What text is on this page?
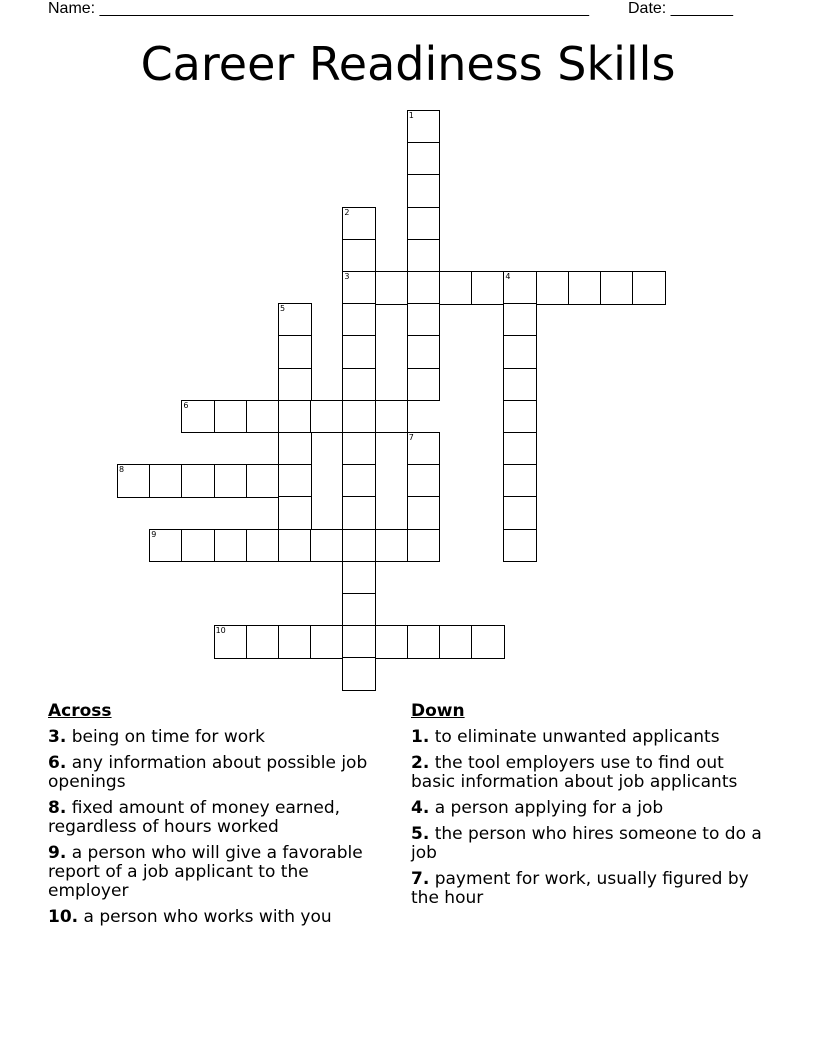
Name: _______________________________________________________ Date: _______
Career Readiness Skills
1
2
3	4
5
6
7
8
9
10
Across
3. being on time for work
6. any information about possible job openings
8. fixed amount of money earned, regardless of hours worked
9. a person who will give a favorable report of a job applicant to the employer
10. a person who works with you
Down
1. to eliminate unwanted applicants
2. the tool employers use to find out basic information about job applicants
4. a person applying for a job
5. the person who hires someone to do a job
7. payment for work, usually figured by the hour
